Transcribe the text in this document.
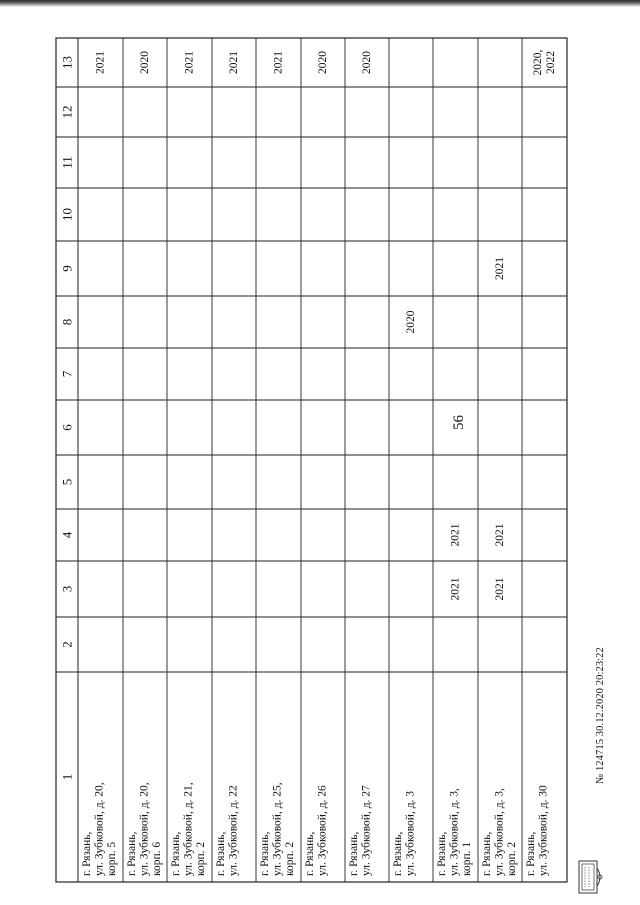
56
1
2
3
4
5
6
7
8
9
10
11
12
13
г. Рязань, ул. Зубковой, д. 20, корп. 5
2021
г. Рязань, ул. Зубковой, д. 20, корп. 6
2020
г. Рязань, ул. Зубковой, д. 21, корп. 2
2021
г. Рязань, ул. Зубковой, д. 22
2021
г. Рязань, ул. Зубковой, д. 25, корп. 2
2021
г. Рязань, ул. Зубковой, д. 26
2020
г. Рязань, ул. Зубковой, д. 27
2020
г. Рязань, ул. Зубковой, д. 3
2020
г. Рязань, ул. Зубковой, д. 3, корп. 1
2021
2021
г. Рязань, ул. Зубковой, д. 3, корп. 2
2021
2021
2021
г. Рязань, ул. Зубковой, д. 30
2020, 2022
№ 124715 30.12.2020 20:23:22
